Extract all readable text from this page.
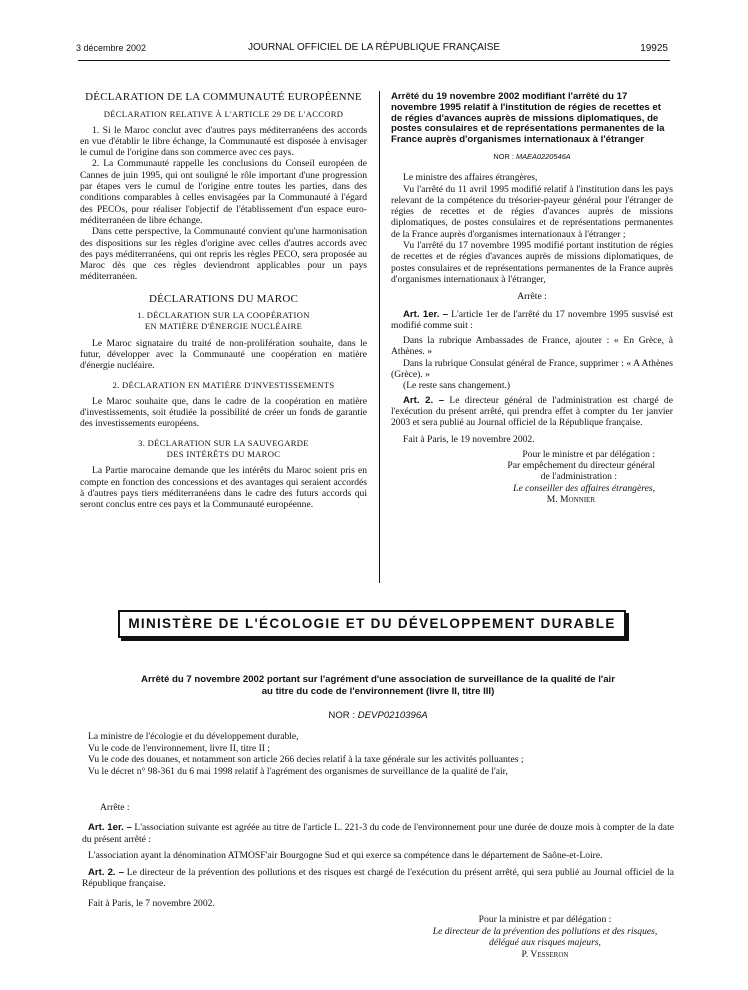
3 décembre 2002	JOURNAL OFFICIEL DE LA RÉPUBLIQUE FRANÇAISE	19925
DÉCLARATION DE LA COMMUNAUTÉ EUROPÉENNE
DÉCLARATION RELATIVE À L'ARTICLE 29 DE L'ACCORD

1. Si le Maroc conclut avec d'autres pays méditerranéens des accords en vue d'établir le libre échange, la Communauté est disposée à envisager le cumul de l'origine dans son commerce avec ces pays.

2. La Communauté rappelle les conclusions du Conseil européen de Cannes de juin 1995, qui ont souligné le rôle important d'une progression par étapes vers le cumul de l'origine entre toutes les parties, dans des conditions comparables à celles envisagées par la Communauté à l'égard des PECOs, pour réaliser l'objectif de l'établissement d'un espace euro-méditerranéen de libre échange.

Dans cette perspective, la Communauté convient qu'une harmonisation des dispositions sur les règles d'origine avec celles d'autres accords avec des pays méditerranéens, qui ont repris les règles PECO, sera proposée au Maroc dès que ces règles deviendront applicables pour un pays méditerranéen.

DÉCLARATIONS DU MAROC
1. DÉCLARATION SUR LA COOPÉRATION
EN MATIÈRE D'ÉNERGIE NUCLÉAIRE

Le Maroc signataire du traité de non-prolifération souhaite, dans le futur, développer avec la Communauté une coopération en matière d'énergie nucléaire.

2. DÉCLARATION EN MATIÈRE D'INVESTISSEMENTS

Le Maroc souhaite que, dans le cadre de la coopération en matière d'investissements, soit étudiée la possibilité de créer un fonds de garantie des investissements européens.

3. DÉCLARATION SUR LA SAUVEGARDE
DES INTÉRÊTS DU MAROC

La Partie marocaine demande que les intérêts du Maroc soient pris en compte en fonction des concessions et des avantages qui seraient accordés à d'autres pays tiers méditerranéens dans le cadre des futurs accords qui seront conclus entre ces pays et la Communauté européenne.

Arrêté du 19 novembre 2002 modifiant l'arrêté du 17 novembre 1995 relatif à l'institution de régies de recettes et de régies d'avances auprès de missions diplomatiques, de postes consulaires et de représentations permanentes de la France auprès d'organismes internationaux à l'étranger
NOR : MAEA0220546A

Le ministre des affaires étrangères,

Vu l'arrêté du 11 avril 1995 modifié relatif à l'institution dans les pays relevant de la compétence du trésorier-payeur général pour l'étranger de régies de recettes et de régies d'avances auprès de missions diplomatiques, de postes consulaires et de représentations permanentes de la France auprès d'organismes internationaux à l'étranger ;

Vu l'arrêté du 17 novembre 1995 modifié portant institution de régies de recettes et de régies d'avances auprès de missions diplomatiques, de postes consulaires et de représentations permanentes de la France auprès d'organismes internationaux à l'étranger,

Arrête :

Art. 1er. – L'article 1er de l'arrêté du 17 novembre 1995 susvisé est modifié comme suit :

Dans la rubrique Ambassades de France, ajouter : « En Grèce, à Athènes. »

Dans la rubrique Consulat général de France, supprimer : « A Athènes (Grèce). »

(Le reste sans changement.)

Art. 2. – Le directeur général de l'administration est chargé de l'exécution du présent arrêté, qui prendra effet à compter du 1er janvier 2003 et sera publié au Journal officiel de la République française.

Fait à Paris, le 19 novembre 2002.

Pour le ministre et par délégation :
Par empêchement du directeur général
de l'administration :
Le conseiller des affaires étrangères,
M. Monnier
MINISTÈRE DE L'ÉCOLOGIE ET DU DÉVELOPPEMENT DURABLE
Arrêté du 7 novembre 2002 portant sur l'agrément d'une association de surveillance de la qualité de l'air
au titre du code de l'environnement (livre II, titre III)
NOR : DEVP0210396A

La ministre de l'écologie et du développement durable,

Vu le code de l'environnement, livre II, titre II ;

Vu le code des douanes, et notamment son article 266 decies relatif à la taxe générale sur les activités polluantes ;

Vu le décret n° 98-361 du 6 mai 1998 relatif à l'agrément des organismes de surveillance de la qualité de l'air,

Arrête :

Art. 1er. – L'association suivante est agréée au titre de l'article L. 221-3 du code de l'environnement pour une durée de douze mois à compter de la date du présent arrêté :

L'association ayant la dénomination ATMOSF'air Bourgogne Sud et qui exerce sa compétence dans le département de Saône-et-Loire.

Art. 2. – Le directeur de la prévention des pollutions et des risques est chargé de l'exécution du présent arrêté, qui sera publié au Journal officiel de la République française.

Fait à Paris, le 7 novembre 2002.

Pour la ministre et par délégation :
Le directeur de la prévention des pollutions et des risques,
délégué aux risques majeurs,
P. Vesseron
